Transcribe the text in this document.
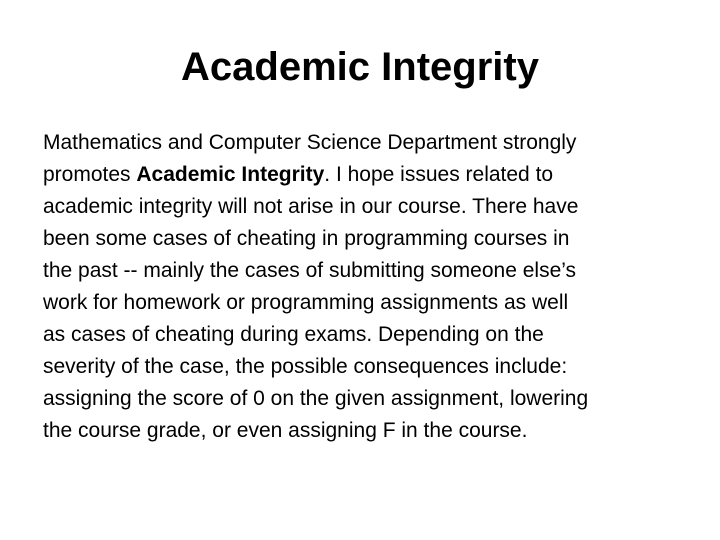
Academic Integrity
Mathematics and Computer Science Department strongly
promotes Academic Integrity. I hope issues related to
academic integrity will not arise in our course. There have
been some cases of cheating in programming courses in
the past -- mainly the cases of submitting someone else’s
work for homework or programming assignments as well
as cases of cheating during exams. Depending on the
severity of the case, the possible consequences include:
assigning the score of 0 on the given assignment, lowering
the course grade, or even assigning F in the course.
